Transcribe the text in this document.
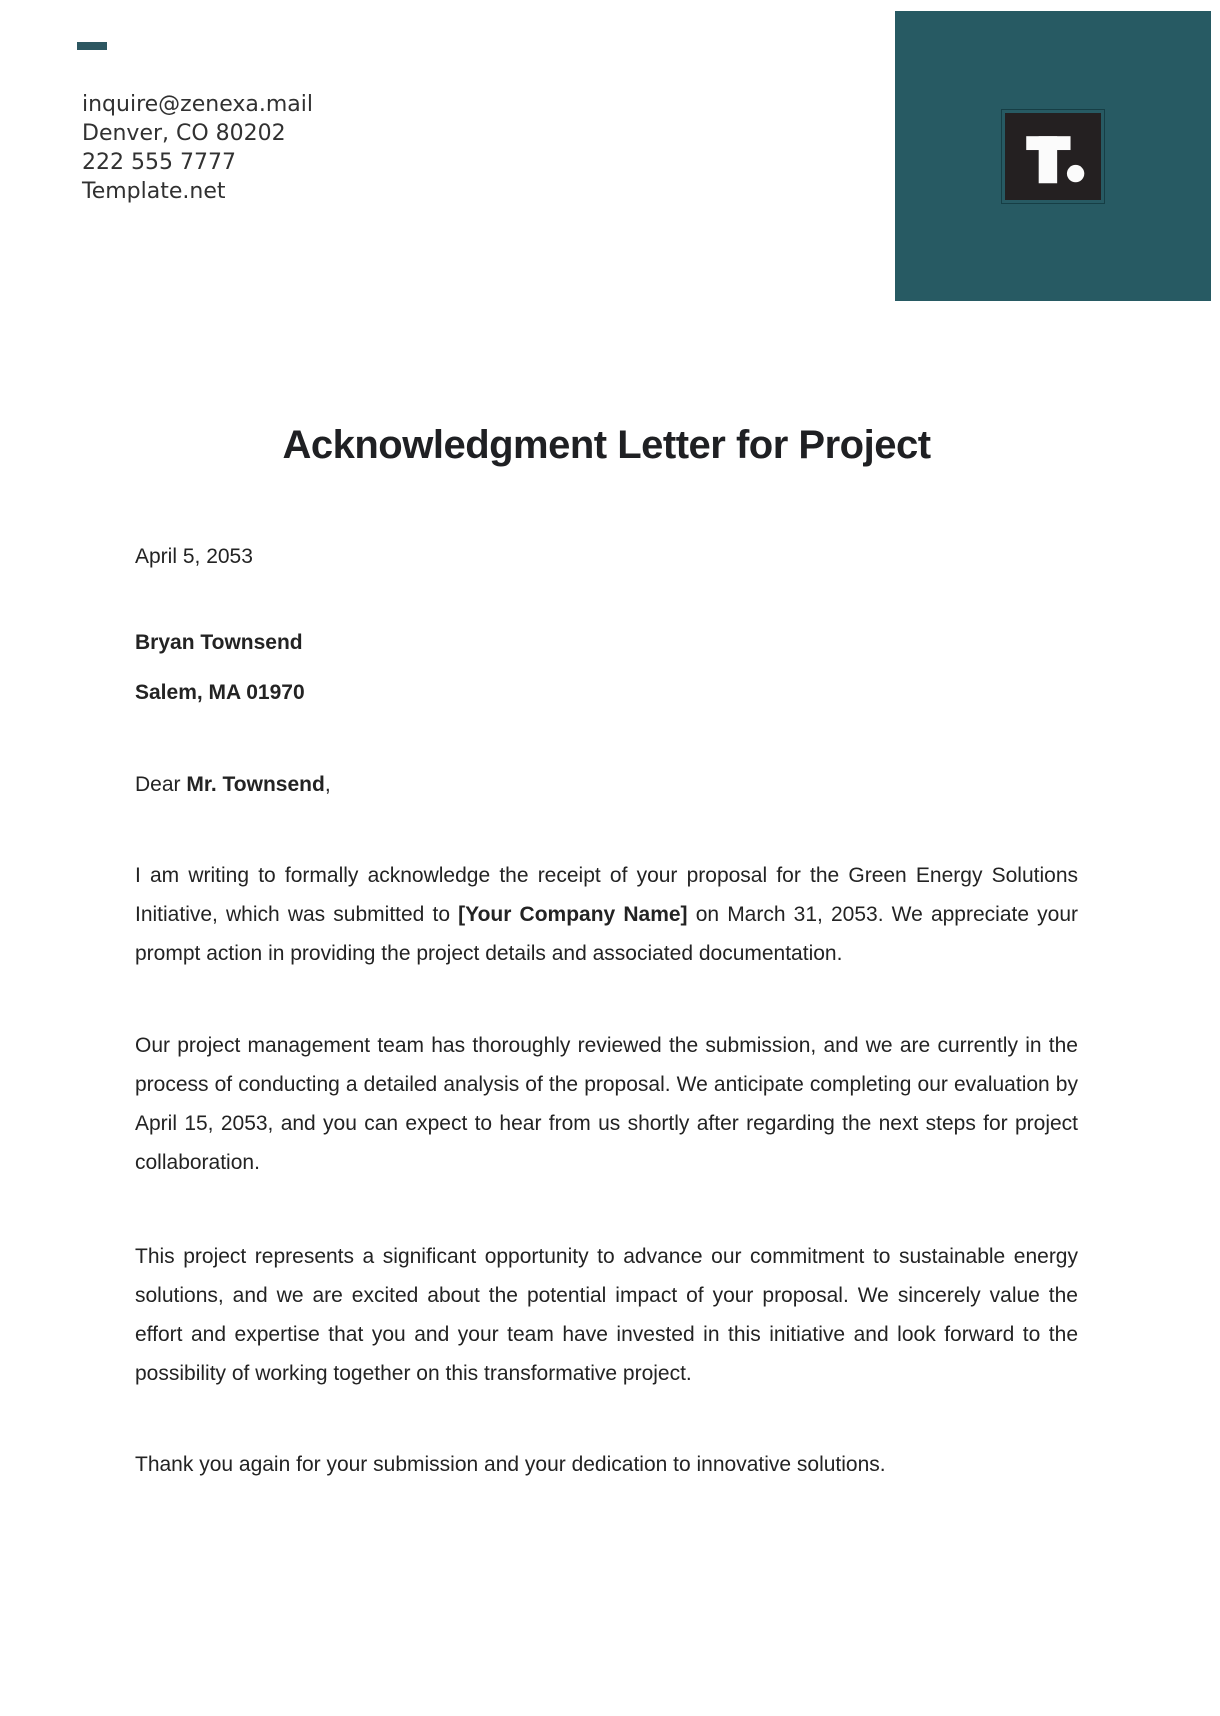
inquire@zenexa.mail
Denver, CO 80202
222 555 7777
Template.net
Acknowledgment Letter for Project

April 5, 2053

Bryan Townsend

Salem, MA 01970

Dear Mr. Townsend,

I am writing to formally acknowledge the receipt of your proposal for the Green Energy Solutions Initiative, which was submitted to [Your Company Name] on March 31, 2053. We appreciate your prompt action in providing the project details and associated documentation.

Our project management team has thoroughly reviewed the submission, and we are currently in the process of conducting a detailed analysis of the proposal. We anticipate completing our evaluation by April 15, 2053, and you can expect to hear from us shortly after regarding the next steps for project collaboration.

This project represents a significant opportunity to advance our commitment to sustainable energy solutions, and we are excited about the potential impact of your proposal. We sincerely value the effort and expertise that you and your team have invested in this initiative and look forward to the possibility of working together on this transformative project.

Thank you again for your submission and your dedication to innovative solutions.
